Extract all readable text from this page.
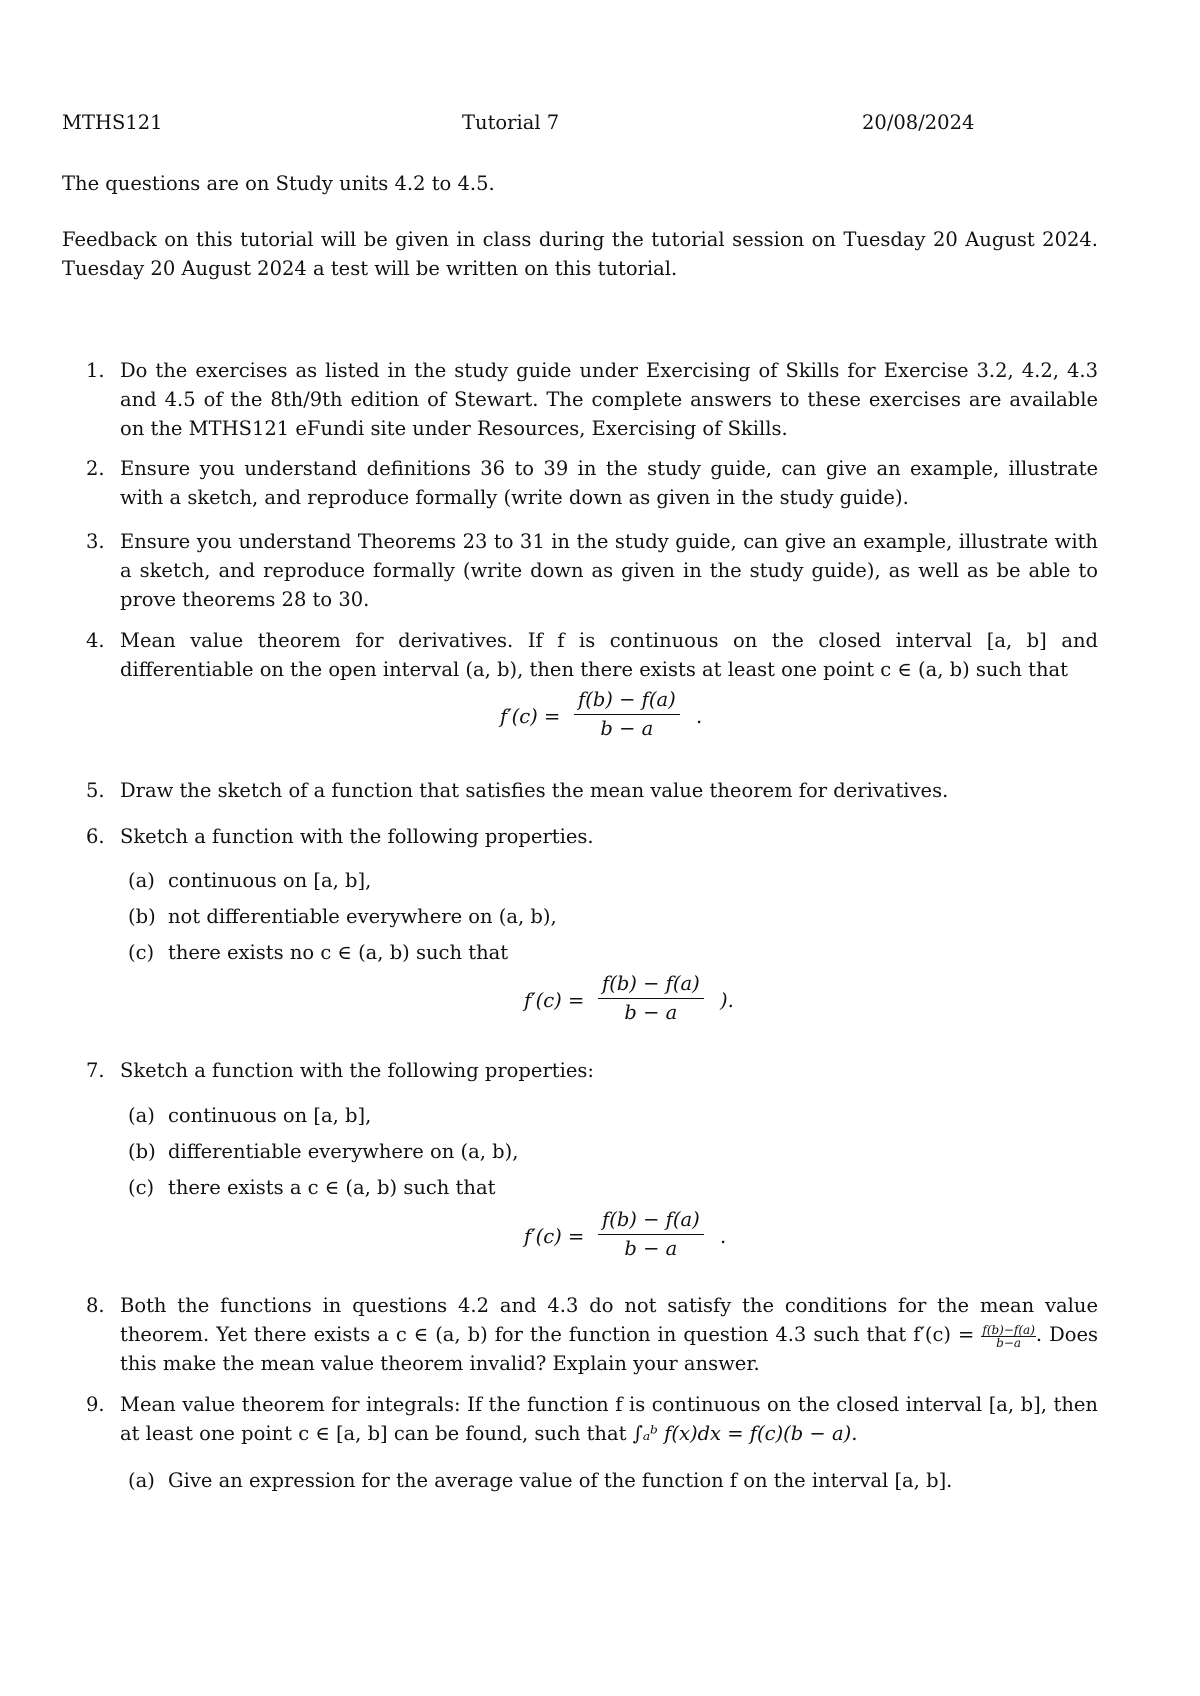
MTHS121	Tutorial 7	20/08/2024

The questions are on Study units 4.2 to 4.5.

Feedback on this tutorial will be given in class during the tutorial session on Tuesday 20 August 2024. Tuesday 20 August 2024 a test will be written on this tutorial.

1. Do the exercises as listed in the study guide under Exercising of Skills for Exercise 3.2, 4.2, 4.3 and 4.5 of the 8th/9th edition of Stewart. The complete answers to these exercises are available on the MTHS121 eFundi site under Resources, Exercising of Skills.
2. Ensure you understand definitions 36 to 39 in the study guide, can give an example, illustrate with a sketch, and reproduce formally (write down as given in the study guide).
3. Ensure you understand Theorems 23 to 31 in the study guide, can give an example, illustrate with a sketch, and reproduce formally (write down as given in the study guide), as well as be able to prove theorems 28 to 30.
4. Mean value theorem for derivatives. If f is continuous on the closed interval [a, b] and differentiable on the open interval (a, b), then there exists at least one point c ∈ (a, b) such that
f′(c) =
f(b) − f(a)
b − a
.
5. Draw the sketch of a function that satisfies the mean value theorem for derivatives.
6. Sketch a function with the following properties.
(a) continuous on [a, b],
(b) not differentiable everywhere on (a, b),
(c) there exists no c ∈ (a, b) such that
f′(c) =
f(b) − f(a)
b − a
).
7. Sketch a function with the following properties:
(a) continuous on [a, b],
(b) differentiable everywhere on (a, b),
(c) there exists a c ∈ (a, b) such that
f′(c) =
f(b) − f(a)
b − a
.
8. Both the functions in questions 4.2 and 4.3 do not satisfy the conditions for the mean value theorem. Yet there exists a c ∈ (a, b) for the function in question 4.3 such that $f'(c) = \frac{f(b)-f(a)}{b-a}$ . Does this make the mean value theorem invalid? Explain your answer.
9. Mean value theorem for integrals: If the function f is continuous on the closed interval [a, b], then at least one point c ∈ [a, b] can be found, such that ∫ₐᵇ f(x)dx = f(c)(b − a).
(a) Give an expression for the average value of the function f on the interval [a, b].
